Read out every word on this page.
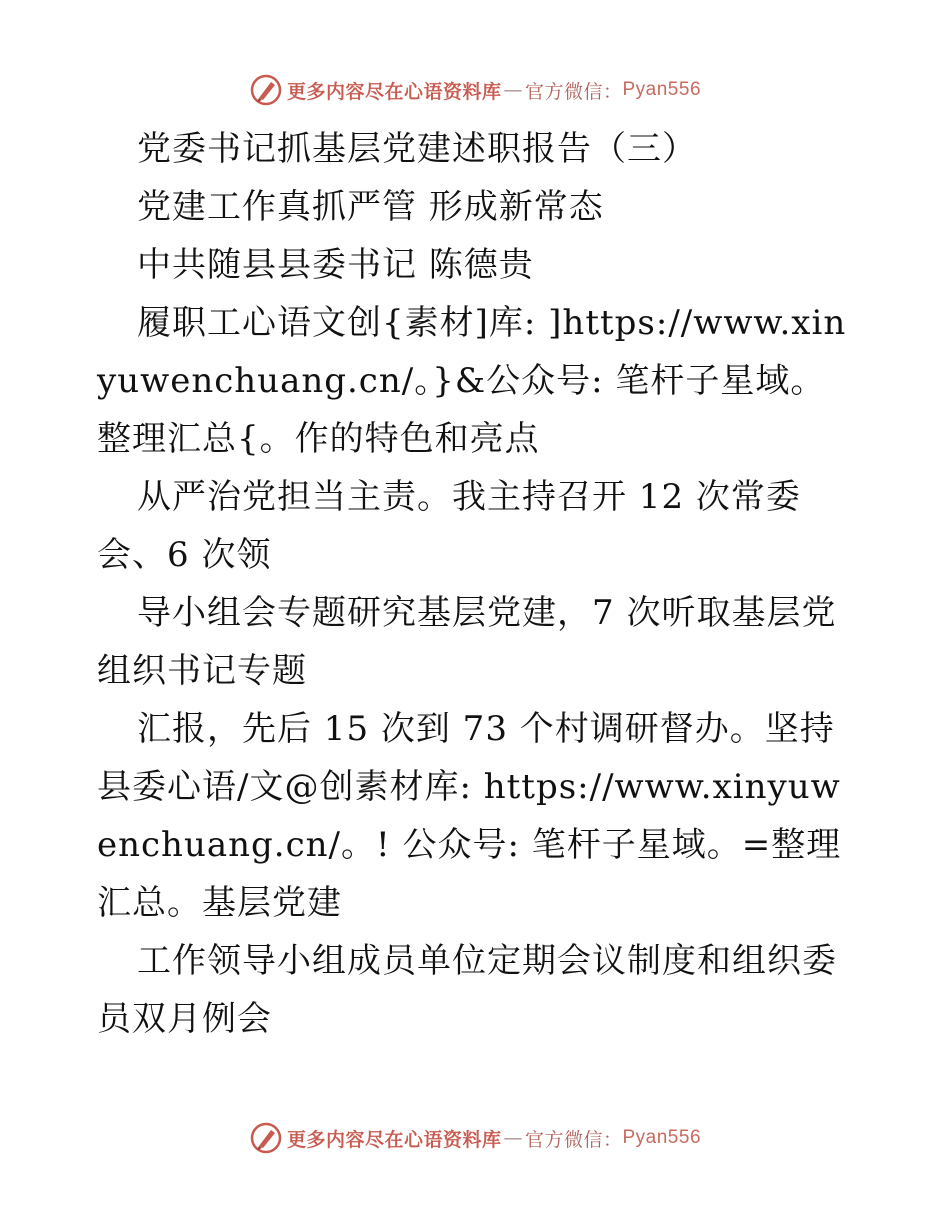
更多内容尽在心语资料库 — 官方微信： Pyan556

党委书记抓基层党建述职报告（三）

党建工作真抓严管 形成新常态

中共随县县委书记 陈德贵

履职工心语文创{素材]库: ]https://www.xinyuwenchuang.cn/。}&公众号: 笔杆子星域。整理汇总{。作的特色和亮点

从严治党担当主责。我主持召开 12 次常委会、6 次领

导小组会专题研究基层党建，7 次听取基层党组织书记专题

汇报，先后 15 次到 73 个村调研督办。坚持县委心语/文@创素材库: https://www.xinyuwenchuang.cn/。! 公众号: 笔杆子星域。=整理汇总。基层党建

工作领导小组成员单位定期会议制度和组织委员双月例会

更多内容尽在心语资料库 — 官方微信： Pyan556
